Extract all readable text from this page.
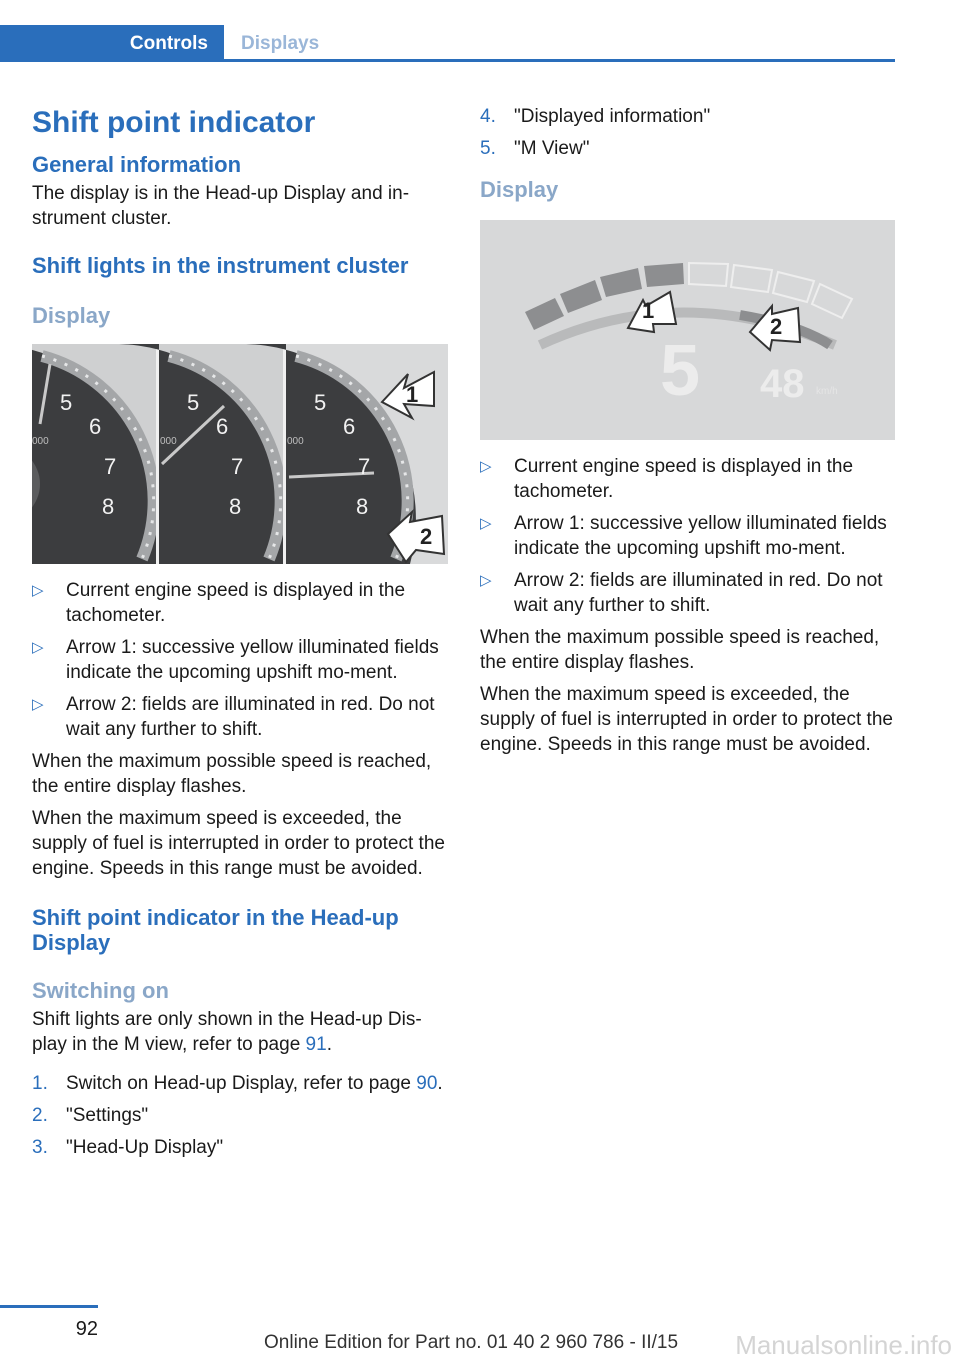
Controls	Displays
Shift point indicator
General information

The display is in the Head-up Display and in-strument cluster.

Shift lights in the instrument cluster
Display
5
6
7
8
000
5
6
7
8
000
5
6
7
8
000
1
2
▷ Current engine speed is displayed in the tachometer.
▷ Arrow 1: successive yellow illuminated fields indicate the upcoming upshift mo-ment.
▷ Arrow 2: fields are illuminated in red. Do not wait any further to shift.

When the maximum possible speed is reached, the entire display flashes.

When the maximum speed is exceeded, the supply of fuel is interrupted in order to protect the engine. Speeds in this range must be avoided.

Shift point indicator in the Head-up Display
Switching on

Shift lights are only shown in the Head-up Dis-play in the M view, refer to page 91.

1. Switch on Head-up Display, refer to page 90.
2. "Settings"
3. "Head-Up Display"
4. "Displayed information"
5. "M View"
Display
1
2
5 48 km/h
▷ Current engine speed is displayed in the tachometer.
▷ Arrow 1: successive yellow illuminated fields indicate the upcoming upshift mo-ment.
▷ Arrow 2: fields are illuminated in red. Do not wait any further to shift.

When the maximum possible speed is reached, the entire display flashes.

When the maximum speed is exceeded, the supply of fuel is interrupted in order to protect the engine. Speeds in this range must be avoided.

92
Online Edition for Part no. 01 40 2 960 786 - II/15 Manualsonline.info
